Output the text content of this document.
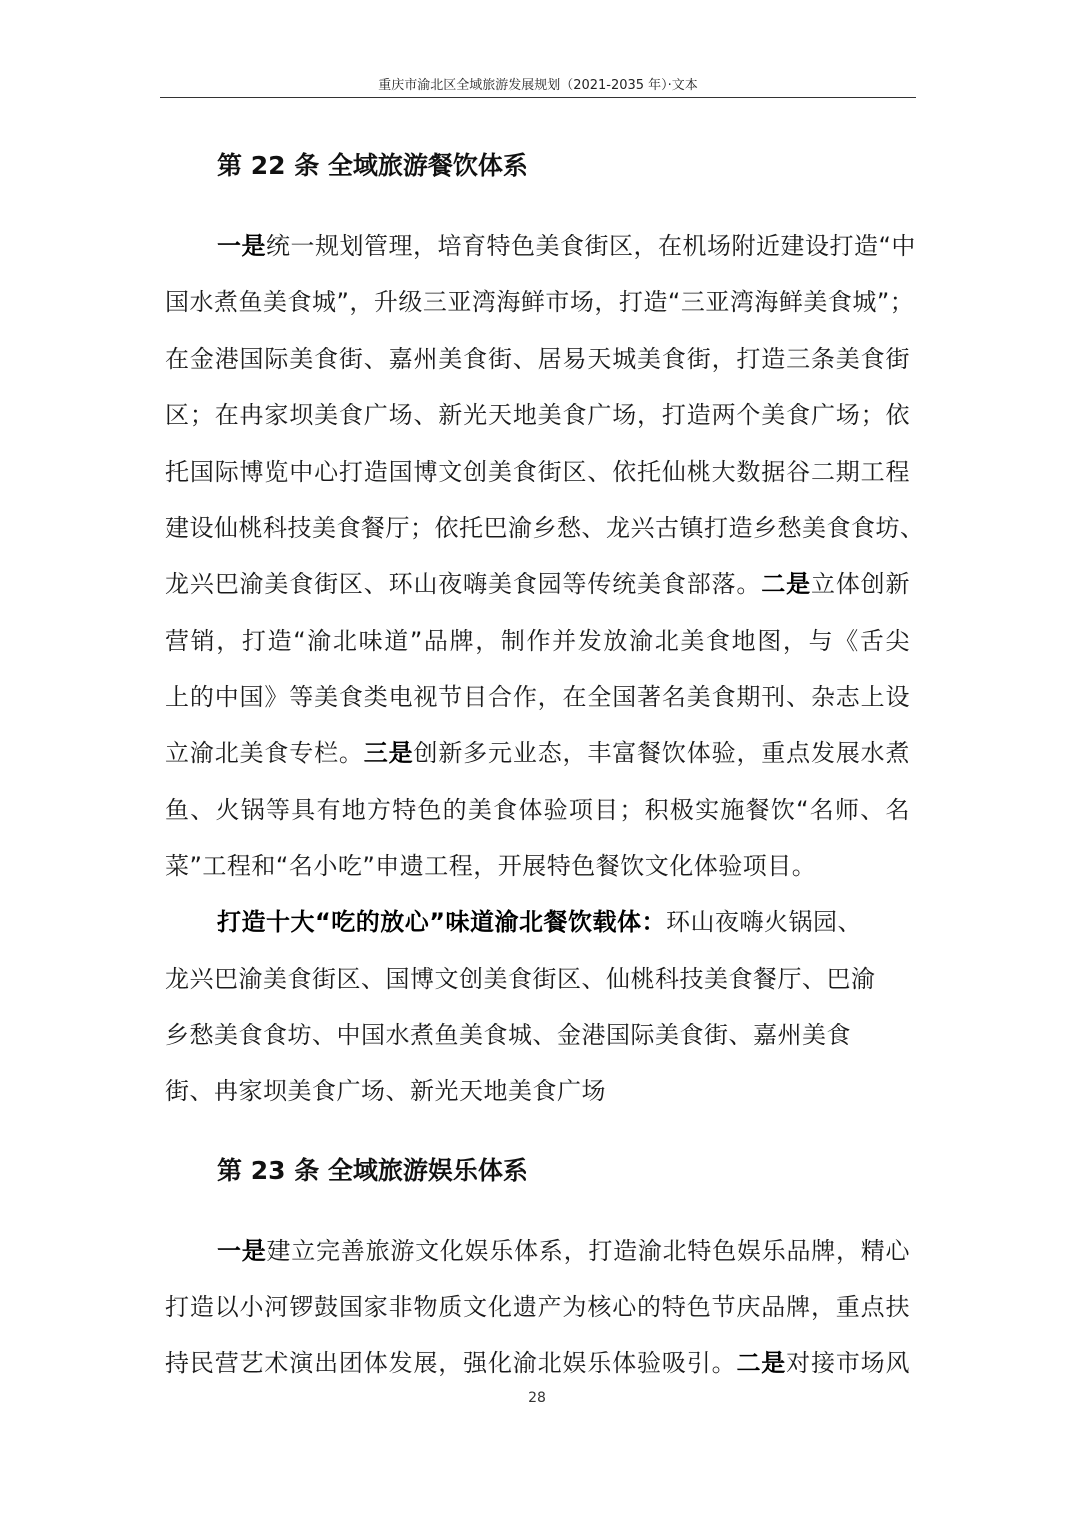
重庆市渝北区全域旅游发展规划（2021-2035 年）·文本
第 22 条 全域旅游餐饮体系
一是统一规划管理，培育特色美食街区，在机场附近建设打造“中
国水煮鱼美食城”，升级三亚湾海鲜市场，打造“三亚湾海鲜美食城”；
在金港国际美食街、嘉州美食街、居易天城美食街，打造三条美食街
区；在冉家坝美食广场、新光天地美食广场，打造两个美食广场；依
托国际博览中心打造国博文创美食街区、依托仙桃大数据谷二期工程
建设仙桃科技美食餐厅；依托巴渝乡愁、龙兴古镇打造乡愁美食食坊、
龙兴巴渝美食街区、环山夜嗨美食园等传统美食部落。二是立体创新
营销，打造“渝北味道”品牌，制作并发放渝北美食地图，与《舌尖
上的中国》等美食类电视节目合作，在全国著名美食期刊、杂志上设
立渝北美食专栏。三是创新多元业态，丰富餐饮体验，重点发展水煮
鱼、火锅等具有地方特色的美食体验项目；积极实施餐饮“名师、名
菜”工程和“名小吃”申遗工程，开展特色餐饮文化体验项目。
打造十大“吃的放心”味道渝北餐饮载体：环山夜嗨火锅园、
龙兴巴渝美食街区、国博文创美食街区、仙桃科技美食餐厅、巴渝
乡愁美食食坊、中国水煮鱼美食城、金港国际美食街、嘉州美食
街、冉家坝美食广场、新光天地美食广场
第 23 条 全域旅游娱乐体系
一是建立完善旅游文化娱乐体系，打造渝北特色娱乐品牌，精心
打造以小河锣鼓国家非物质文化遗产为核心的特色节庆品牌，重点扶
持民营艺术演出团体发展，强化渝北娱乐体验吸引。二是对接市场风
28
